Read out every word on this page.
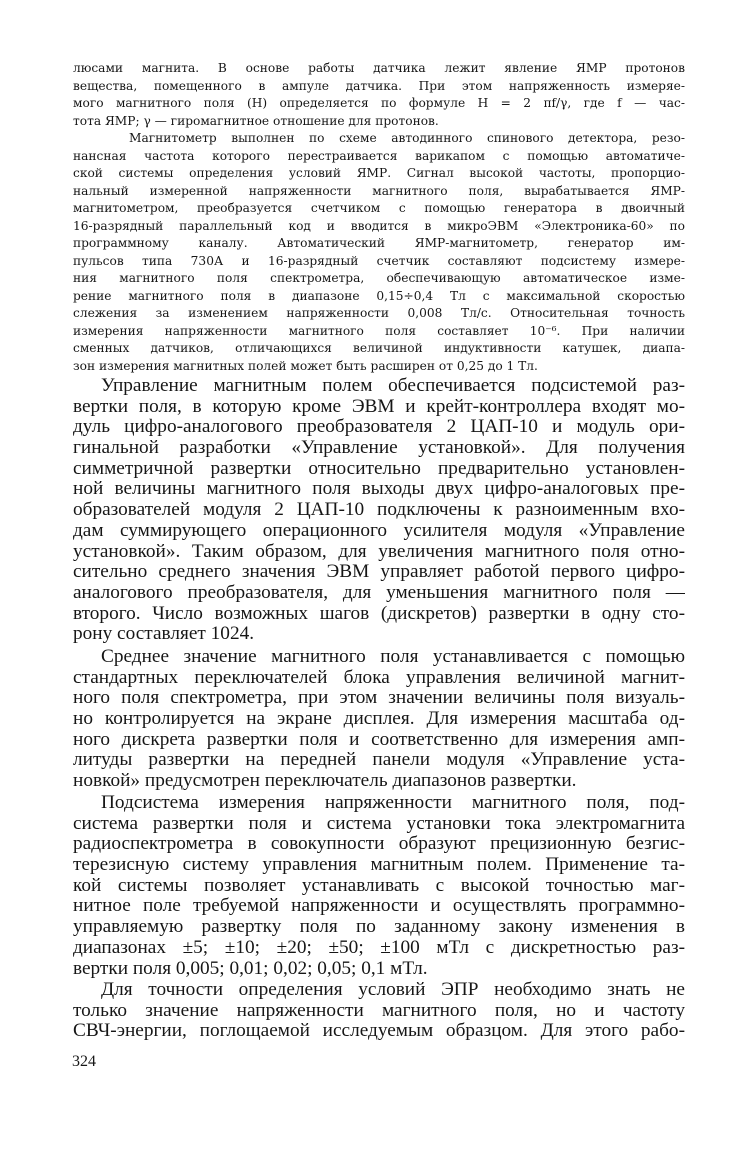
люсами магнита. В основе работы датчика лежит явление ЯМР протонов
вещества, помещенного в ампуле датчика. При этом напряженность измеряе-
мого магнитного поля (H) определяется по формуле H = 2 πf/γ, где f — час-
тота ЯМР; γ — гиромагнитное отношение для протонов.
Магнитометр выполнен по схеме автодинного спинового детектора, резо-
нансная частота которого перестраивается варикапом с помощью автоматиче-
ской системы определения условий ЯМР. Сигнал высокой частоты, пропорцио-
нальный измеренной напряженности магнитного поля, вырабатывается ЯМР-
магнитометром, преобразуется счетчиком с помощью генератора в двоичный
16-разрядный параллельный код и вводится в микроЭВМ «Электроника-60» по
программному каналу. Автоматический ЯМР-магнитометр, генератор им-
пульсов типа 730А и 16-разрядный счетчик составляют подсистему измере-
ния магнитного поля спектрометра, обеспечивающую автоматическое изме-
рение магнитного поля в диапазоне 0,15÷0,4 Тл с максимальной скоростью
слежения за изменением напряженности 0,008 Тл/с. Относительная точность
измерения напряженности магнитного поля составляет 10⁻⁶. При наличии
сменных датчиков, отличающихся величиной индуктивности катушек, диапа-
зон измерения магнитных полей может быть расширен от 0,25 до 1 Тл.
Управление магнитным полем обеспечивается подсистемой раз-
вертки поля, в которую кроме ЭВМ и крейт-контроллера входят мо-
дуль цифро-аналогового преобразователя 2 ЦАП-10 и модуль ори-
гинальной разработки «Управление установкой». Для получения
симметричной развертки относительно предварительно установлен-
ной величины магнитного поля выходы двух цифро-аналоговых пре-
образователей модуля 2 ЦАП-10 подключены к разноименным вхо-
дам суммирующего операционного усилителя модуля «Управление
установкой». Таким образом, для увеличения магнитного поля отно-
сительно среднего значения ЭВМ управляет работой первого цифро-
аналогового преобразователя, для уменьшения магнитного поля —
второго. Число возможных шагов (дискретов) развертки в одну сто-
рону составляет 1024.
Среднее значение магнитного поля устанавливается с помощью
стандартных переключателей блока управления величиной магнит-
ного поля спектрометра, при этом значении величины поля визуаль-
но контролируется на экране дисплея. Для измерения масштаба од-
ного дискрета развертки поля и соответственно для измерения амп-
литуды развертки на передней панели модуля «Управление уста-
новкой» предусмотрен переключатель диапазонов развертки.
Подсистема измерения напряженности магнитного поля, под-
система развертки поля и система установки тока электромагнита
радиоспектрометра в совокупности образуют прецизионную безгис-
терезисную систему управления магнитным полем. Применение та-
кой системы позволяет устанавливать с высокой точностью маг-
нитное поле требуемой напряженности и осуществлять программно-
управляемую развертку поля по заданному закону изменения в
диапазонах ±5; ±10; ±20; ±50; ±100 мТл с дискретностью раз-
вертки поля 0,005; 0,01; 0,02; 0,05; 0,1 мТл.
Для точности определения условий ЭПР необходимо знать не
только значение напряженности магнитного поля, но и частоту
СВЧ-энергии, поглощаемой исследуемым образцом. Для этого рабо-
324
